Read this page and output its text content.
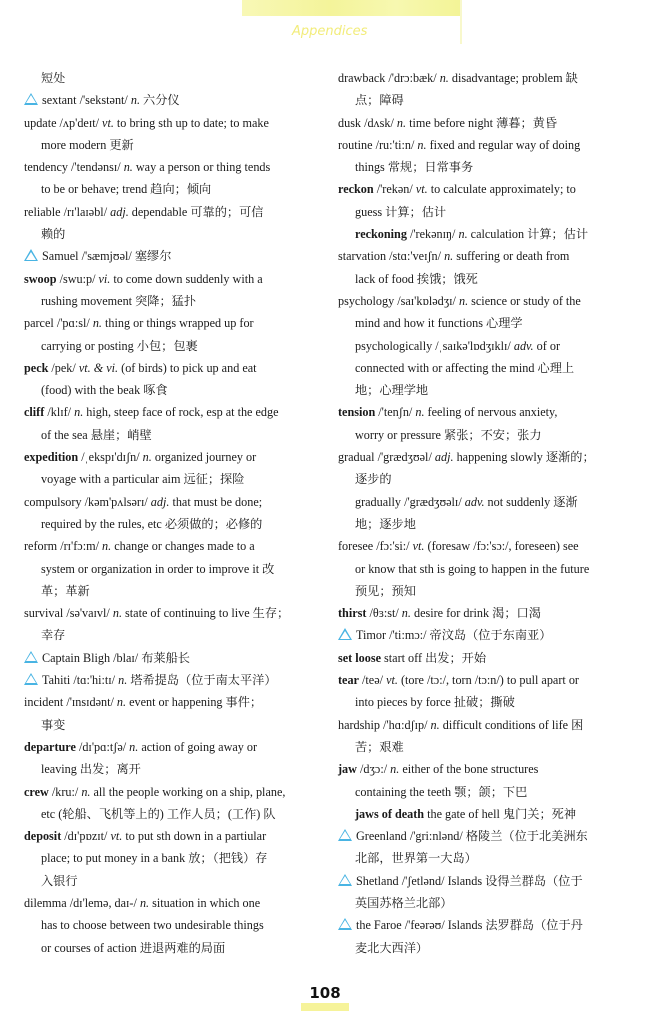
Appendices
短处
sextant /'sekstənt/ n. 六分仪
update /ʌp'deɪt/ vt. to bring sth up to date; to make
more modern 更新
tendency /'tendənsɪ/ n. way a person or thing tends
to be or behave; trend 趋向；倾向
reliable /rɪ'laɪəbl/ adj. dependable 可靠的；可信
赖的
Samuel /'sæmjʊəl/ 塞缪尔
swoop /swu:p/ vi. to come down suddenly with a
rushing movement 突降；猛扑
parcel /'pɑ:sl/ n. thing or things wrapped up for
carrying or posting 小包；包裹
peck /pek/ vt. & vi. (of birds) to pick up and eat
(food) with the beak 啄食
cliff /klɪf/ n. high, steep face of rock, esp at the edge
of the sea 悬崖；峭壁
expedition /ˌekspɪ'dɪʃn/ n. organized journey or
voyage with a particular aim 远征；探险
compulsory /kəm'pʌlsərɪ/ adj. that must be done;
required by the rules, etc 必须做的；必修的
reform /rɪ'fɔ:m/ n. change or changes made to a
system or organization in order to improve it 改
革；革新
survival /sə'vaɪvl/ n. state of continuing to live 生存；
幸存
Captain Bligh /blaɪ/ 布莱船长
Tahiti /tɑ:'hi:tɪ/ n. 塔希提岛（位于南太平洋）
incident /'ɪnsɪdənt/ n. event or happening 事件；
事变
departure /dɪ'pɑ:tʃə/ n. action of going away or
leaving 出发；离开
crew /kru:/ n. all the people working on a ship, plane,
etc (轮船、飞机等上的) 工作人员；(工作) 队
deposit /dɪ'pɒzɪt/ vt. to put sth down in a partiular
place; to put money in a bank 放；（把钱）存
入银行
dilemma /dɪ'lemə, daɪ-/ n. situation in which one
has to choose between two undesirable things
or courses of action 进退两难的局面
drawback /'drɔ:bæk/ n. disadvantage; problem 缺
点；障碍
dusk /dʌsk/ n. time before night 薄暮；黄昏
routine /ru:'ti:n/ n. fixed and regular way of doing
things 常规；日常事务
reckon /'rekən/ vt. to calculate approximately; to
guess 计算；估计
reckoning /'rekənɪŋ/ n. calculation 计算；估计
starvation /stɑ:'veɪʃn/ n. suffering or death from
lack of food 挨饿；饿死
psychology /saɪ'kɒlədʒɪ/ n. science or study of the
mind and how it functions 心理学
psychologically /ˌsaɪkə'lɒdʒɪklɪ/ adv. of or
connected with or affecting the mind 心理上
地；心理学地
tension /'tenʃn/ n. feeling of nervous anxiety,
worry or pressure 紧张；不安；张力
gradual /'grædʒʊəl/ adj. happening slowly 逐渐的；
逐步的
gradually /'grædʒʊəlɪ/ adv. not suddenly 逐渐
地；逐步地
foresee /fɔ:'si:/ vt. (foresaw /fɔ:'sɔ:/, foreseen) see
or know that sth is going to happen in the future
预见；预知
thirst /θɜ:st/ n. desire for drink 渴；口渴
Timor /'ti:mɔ:/ 帝汶岛（位于东南亚）
set loose start off 出发；开始
tear /teə/ vt. (tore /tɔ:/, torn /tɔ:n/) to pull apart or
into pieces by force 扯破；撕破
hardship /'hɑ:dʃɪp/ n. difficult conditions of life 困
苦；艰难
jaw /dʒɔ:/ n. either of the bone structures
containing the teeth 颚；颌；下巴
jaws of death the gate of hell 鬼门关；死神
Greenland /'gri:nlənd/ 格陵兰（位于北美洲东
北部，世界第一大岛）
Shetland /'ʃetlənd/ Islands 设得兰群岛（位于
英国苏格兰北部）
the Faroe /'feərəʊ/ Islands 法罗群岛（位于丹
麦北大西洋）
108
